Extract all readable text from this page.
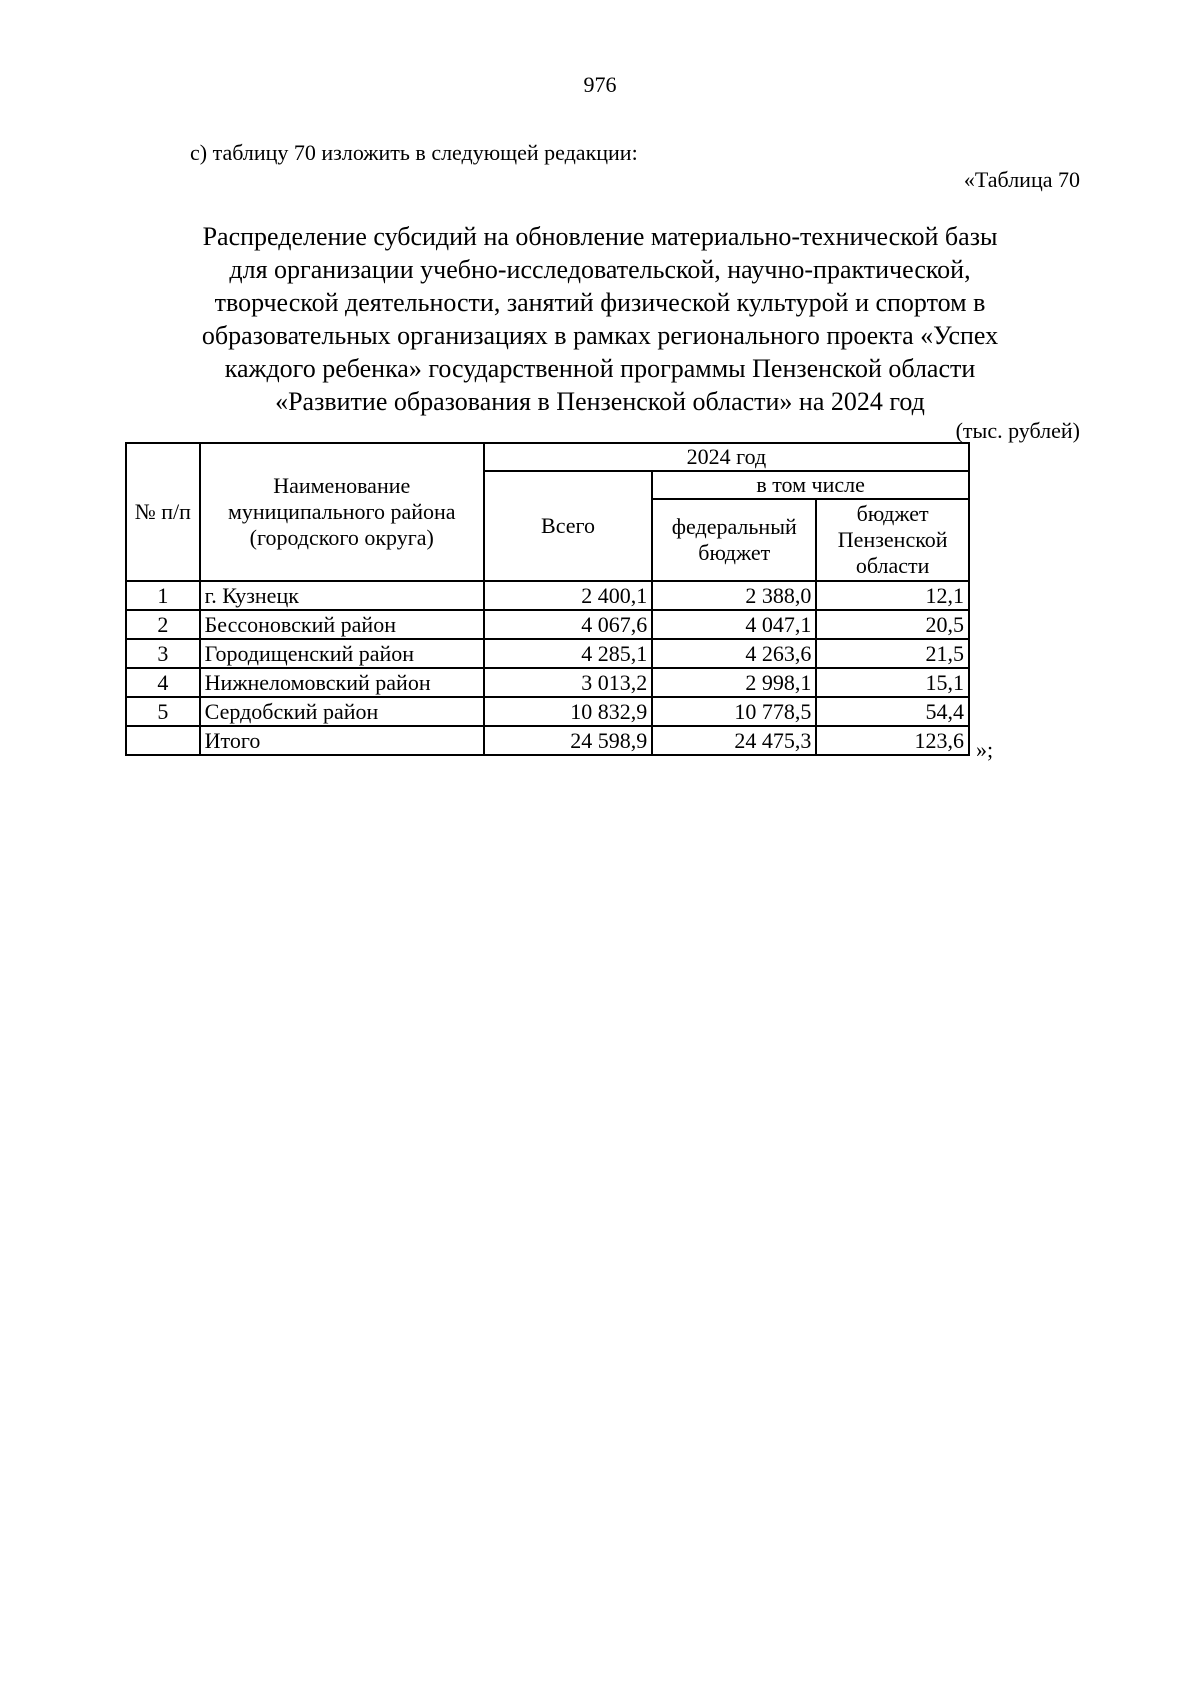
976
с) таблицу 70 изложить в следующей редакции:
«Таблица 70
Распределение субсидий на обновление материально-технической базы
для организации учебно-исследовательской, научно-практической,
творческой деятельности, занятий физической культурой и спортом в
образовательных организациях в рамках регионального проекта «Успех
каждого ребенка» государственной программы Пензенской области
«Развитие образования в Пензенской области» на 2024 год
(тыс. рублей)
№ п/п	Наименование муниципального района (городского округа)	2024 год		
		Всего	в том числе	
			федеральный бюджет	бюджет Пензенской области
1	г. Кузнецк	2 400,1	2 388,0	12,1
2	Бессоновский район	4 067,6	4 047,1	20,5
3	Городищенский район	4 285,1	4 263,6	21,5
4	Нижнеломовский район	3 013,2	2 998,1	15,1
5	Сердобский район	10 832,9	10 778,5	54,4
	Итого	24 598,9	24 475,3	123,6 »;
